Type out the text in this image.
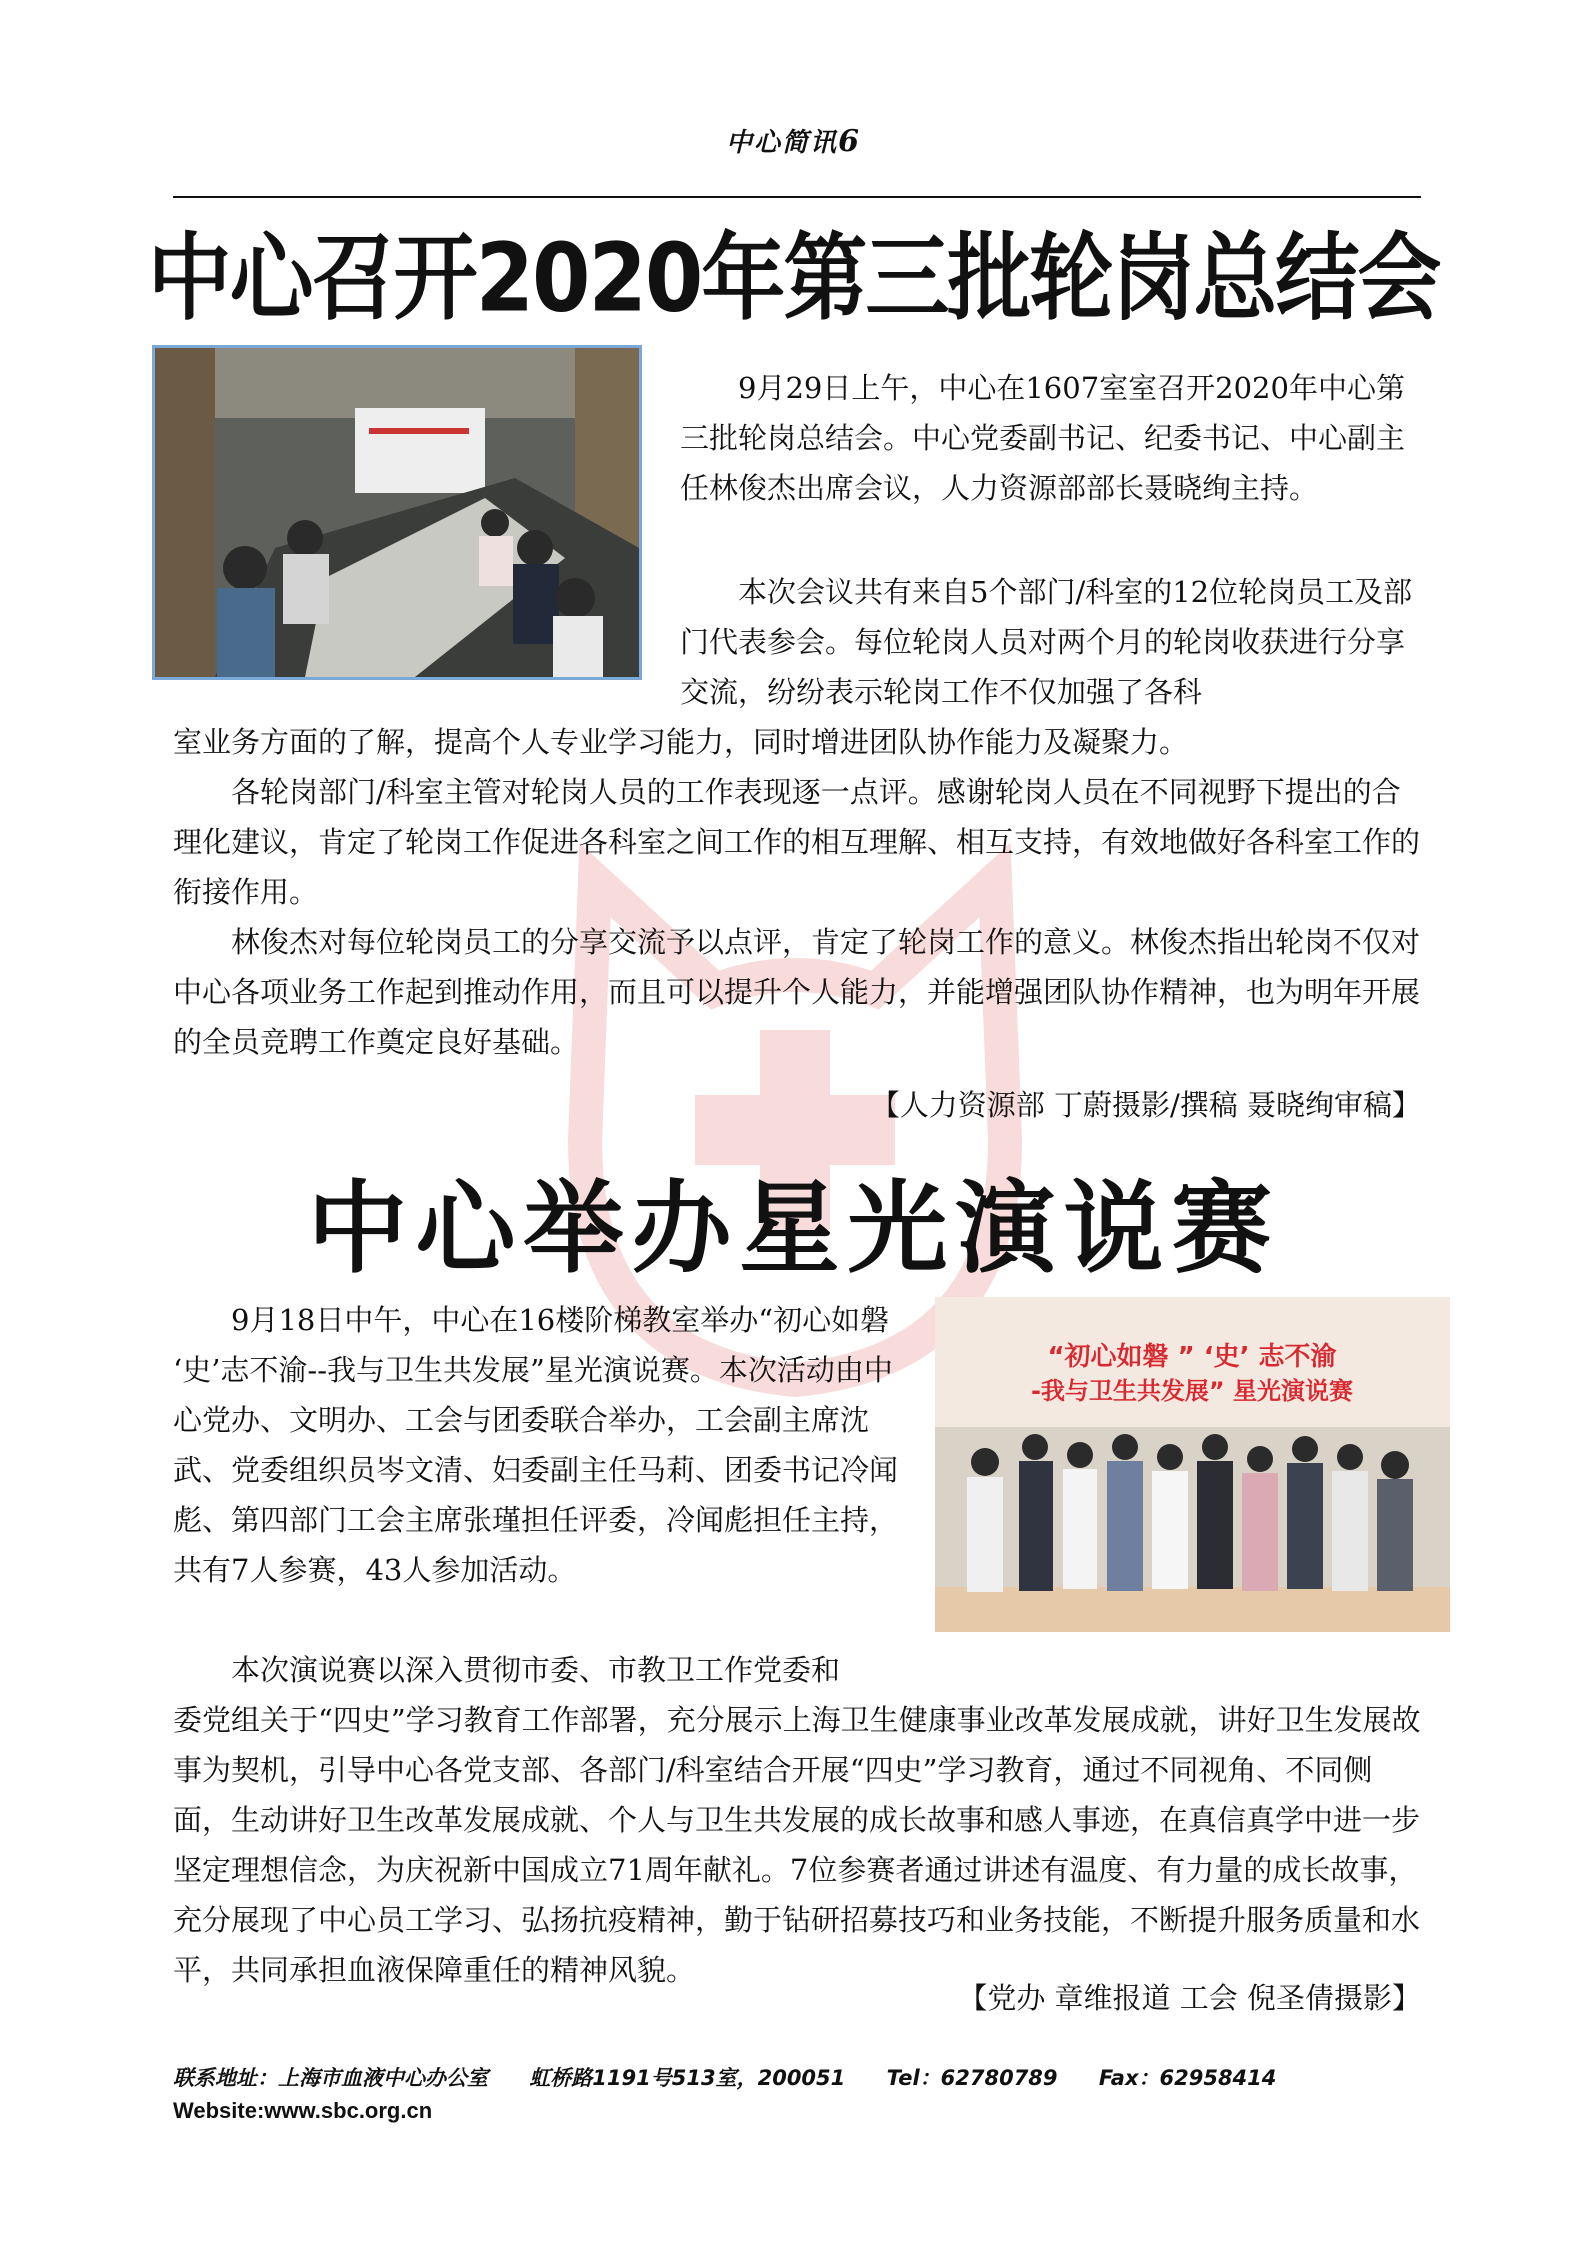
中心简讯6
中心召开2020年第三批轮岗总结会

9月29日上午，中心在1607室室召开2020年中心第三批轮岗总结会。中心党委副书记、纪委书记、中心副主任林俊杰出席会议，人力资源部部长聂晓绚主持。

本次会议共有来自5个部门/科室的12位轮岗员工及部门代表参会。每位轮岗人员对两个月的轮岗收获进行分享交流，纷纷表示轮岗工作不仅加强了各科

室业务方面的了解，提高个人专业学习能力，同时增进团队协作能力及凝聚力。

各轮岗部门/科室主管对轮岗人员的工作表现逐一点评。感谢轮岗人员在不同视野下提出的合理化建议，肯定了轮岗工作促进各科室之间工作的相互理解、相互支持，有效地做好各科室工作的衔接作用。

林俊杰对每位轮岗员工的分享交流予以点评，肯定了轮岗工作的意义。林俊杰指出轮岗不仅对中心各项业务工作起到推动作用，而且可以提升个人能力，并能增强团队协作精神，也为明年开展的全员竞聘工作奠定良好基础。

【人力资源部 丁蔚摄影/撰稿 聂晓绚审稿】
中心举办星光演说赛

9月18日中午，中心在16楼阶梯教室举办“初心如磐 ‘史’志不渝--我与卫生共发展”星光演说赛。本次活动由中心党办、文明办、工会与团委联合举办，工会副主席沈武、党委组织员岑文清、妇委副主任马莉、团委书记冷闻彪、第四部门工会主席张瑾担任评委，冷闻彪担任主持，共有7人参赛，43人参加活动。

“初心如磐 ” ‘史’ 志不渝
-我与卫生共发展” 星光演说赛

本次演说赛以深入贯彻市委、市教卫工作党委和

委党组关于“四史”学习教育工作部署，充分展示上海卫生健康事业改革发展成就，讲好卫生发展故事为契机，引导中心各党支部、各部门/科室结合开展“四史”学习教育，通过不同视角、不同侧面，生动讲好卫生改革发展成就、个人与卫生共发展的成长故事和感人事迹，在真信真学中进一步坚定理想信念，为庆祝新中国成立71周年献礼。7位参赛者通过讲述有温度、有力量的成长故事，充分展现了中心员工学习、弘扬抗疫精神，勤于钻研招募技巧和业务技能，不断提升服务质量和水平，共同承担血液保障重任的精神风貌。

【党办 章维报道 工会 倪圣倩摄影】
联系地址：上海市血液中心办公室 虹桥路1191号513室，200051 Tel：62780789 Fax：62958414
Website:www.sbc.org.cn
